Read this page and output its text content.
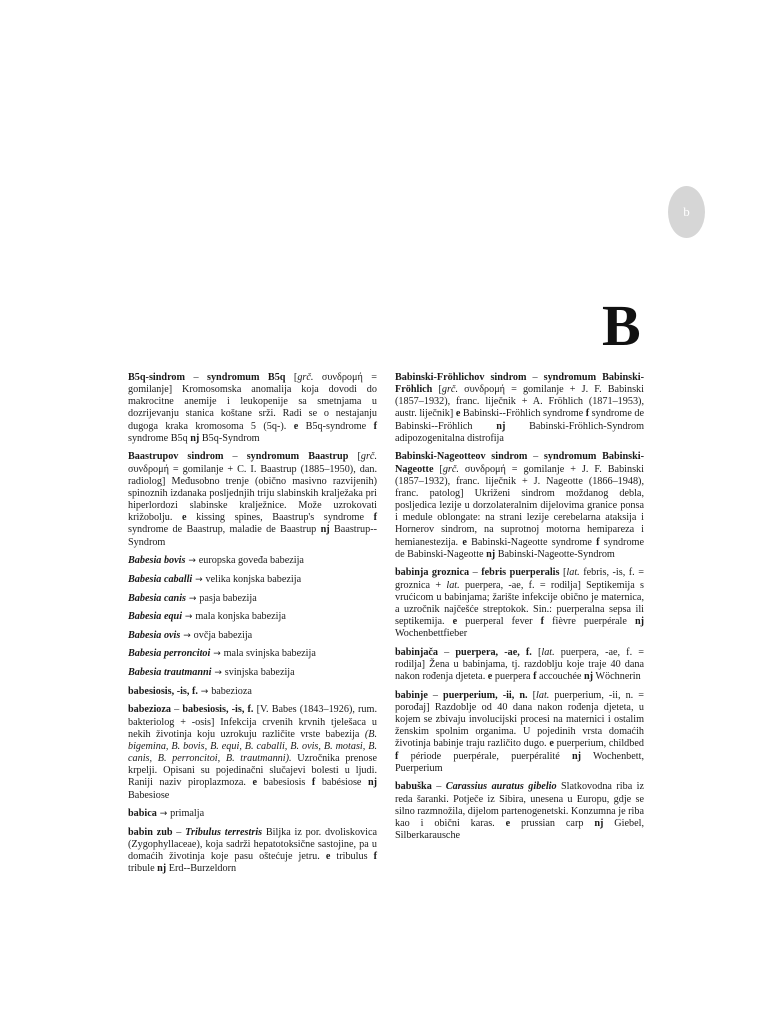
b
B

B5q-sindrom – syndromum B5q [grč. συνδρομή = gomilanje] Kromosomska anomalija koja dovodi do makrocitne anemije i leukopenije sa smetnjama u dozrijevanju stanica koštane srži. Radi se o nestajanju dugoga kraka kromosoma 5 (5q-). e B5q-syndrome f syndrome B5q nj B5q-Syndrom

Baastrupov sindrom – syndromum Baastrup [grč. συνδρομή = gomilanje + C. I. Baastrup (1885–1950), dan. radiolog] Međusobno trenje (obično masivno razvijenih) spinoznih izdanaka posljednjih triju slabinskih kralježaka pri hiperlordozi slabinske kralježnice. Može uzrokovati križobolju. e kissing spines, Baastrup's syndrome f syndrome de Baastrup, maladie de Baastrup nj Baastrup--Syndrom

Babesia bovis → europska goveđa babezija

Babesia caballi → velika konjska babezija

Babesia canis → pasja babezija

Babesia equi → mala konjska babezija

Babesia ovis → ovčja babezija

Babesia perroncitoi → mala svinjska babezija

Babesia trautmanni → svinjska babezija

babesiosis, -is, f. → babezioza

babezioza – babesiosis, -is, f. [V. Babes (1843–1926), rum. bakteriolog + -osis] Infekcija crvenih krvnih tjelešaca u nekih životinja koju uzrokuju različite vrste babezija (B. bigemina, B. bovis, B. equi, B. caballi, B. ovis, B. motasi, B. canis, B. perroncitoi, B. trautmanni). Uzročnika prenose krpelji. Opisani su pojedinačni slučajevi bolesti u ljudi. Raniji naziv piroplazmoza. e babesiosis f babésiose nj Babesiose

babica → primalja

babin zub – Tribulus terrestris Biljka iz por. dvoliskovica (Zygophyllaceae), koja sadrži hepatotoksične sastojine, pa u domaćih životinja koje pasu oštećuje jetru. e tribulus f tribule nj Erd--Burzeldorn

Babinski-Fröhlichov sindrom – syndromum Babinski-Fröhlich [grč. συνδρομή = gomilanje + J. F. Babinski (1857–1932), franc. liječnik + A. Fröhlich (1871–1953), austr. liječnik] e Babinski--Fröhlich syndrome f syndrome de Babinski--Fröhlich nj Babinski-Fröhlich-Syndrom adipozogenitalna distrofija

Babinski-Nageotteov sindrom – syndromum Babinski-Nageotte [grč. συνδρομή = gomilanje + J. F. Babinski (1857–1932), franc. liječnik + J. Nageotte (1866–1948), franc. patolog] Ukriženi sindrom moždanog debla, posljedica lezije u dorzolateralnim dijelovima granice ponsa i medule oblongate: na strani lezije cerebelarna ataksija i Hornerov sindrom, na suprotnoj motorna hemipareza i hemianestezija. e Babinski-Nageotte syndrome f syndrome de Babinski-Nageotte nj Babinski-Nageotte-Syndrom

babinja groznica – febris puerperalis [lat. febris, -is, f. = groznica + lat. puerpera, -ae, f. = rodilja] Septikemija s vrućicom u babinjama; žarište infekcije obično je maternica, a uzročnik najčešće streptokok. Sin.: puerperalna sepsa ili septikemija. e puerperal fever f fièvre puerpérale nj Wochenbettfieber

babinjača – puerpera, -ae, f. [lat. puerpera, -ae, f. = rodilja] Žena u babinjama, tj. razdoblju koje traje 40 dana nakon rođenja djeteta. e puerpera f accouchée nj Wöchnerin

babinje – puerperium, -ii, n. [lat. puerperium, -ii, n. = porođaj] Razdoblje od 40 dana nakon rođenja djeteta, u kojem se zbivaju involucijski procesi na maternici i ostalim ženskim spolnim organima. U pojedinih vrsta domaćih životinja babinje traju različito dugo. e puerperium, childbed f période puerpérale, puerpéralité nj Wochenbett, Puerperium

babuška – Carassius auratus gibelio Slatkovodna riba iz reda šaranki. Potječe iz Sibira, unesena u Europu, gdje se silno razmnožila, dijelom partenogenetski. Konzumna je riba kao i obični karas. e prussian carp nj Giebel, Silberkarausche
